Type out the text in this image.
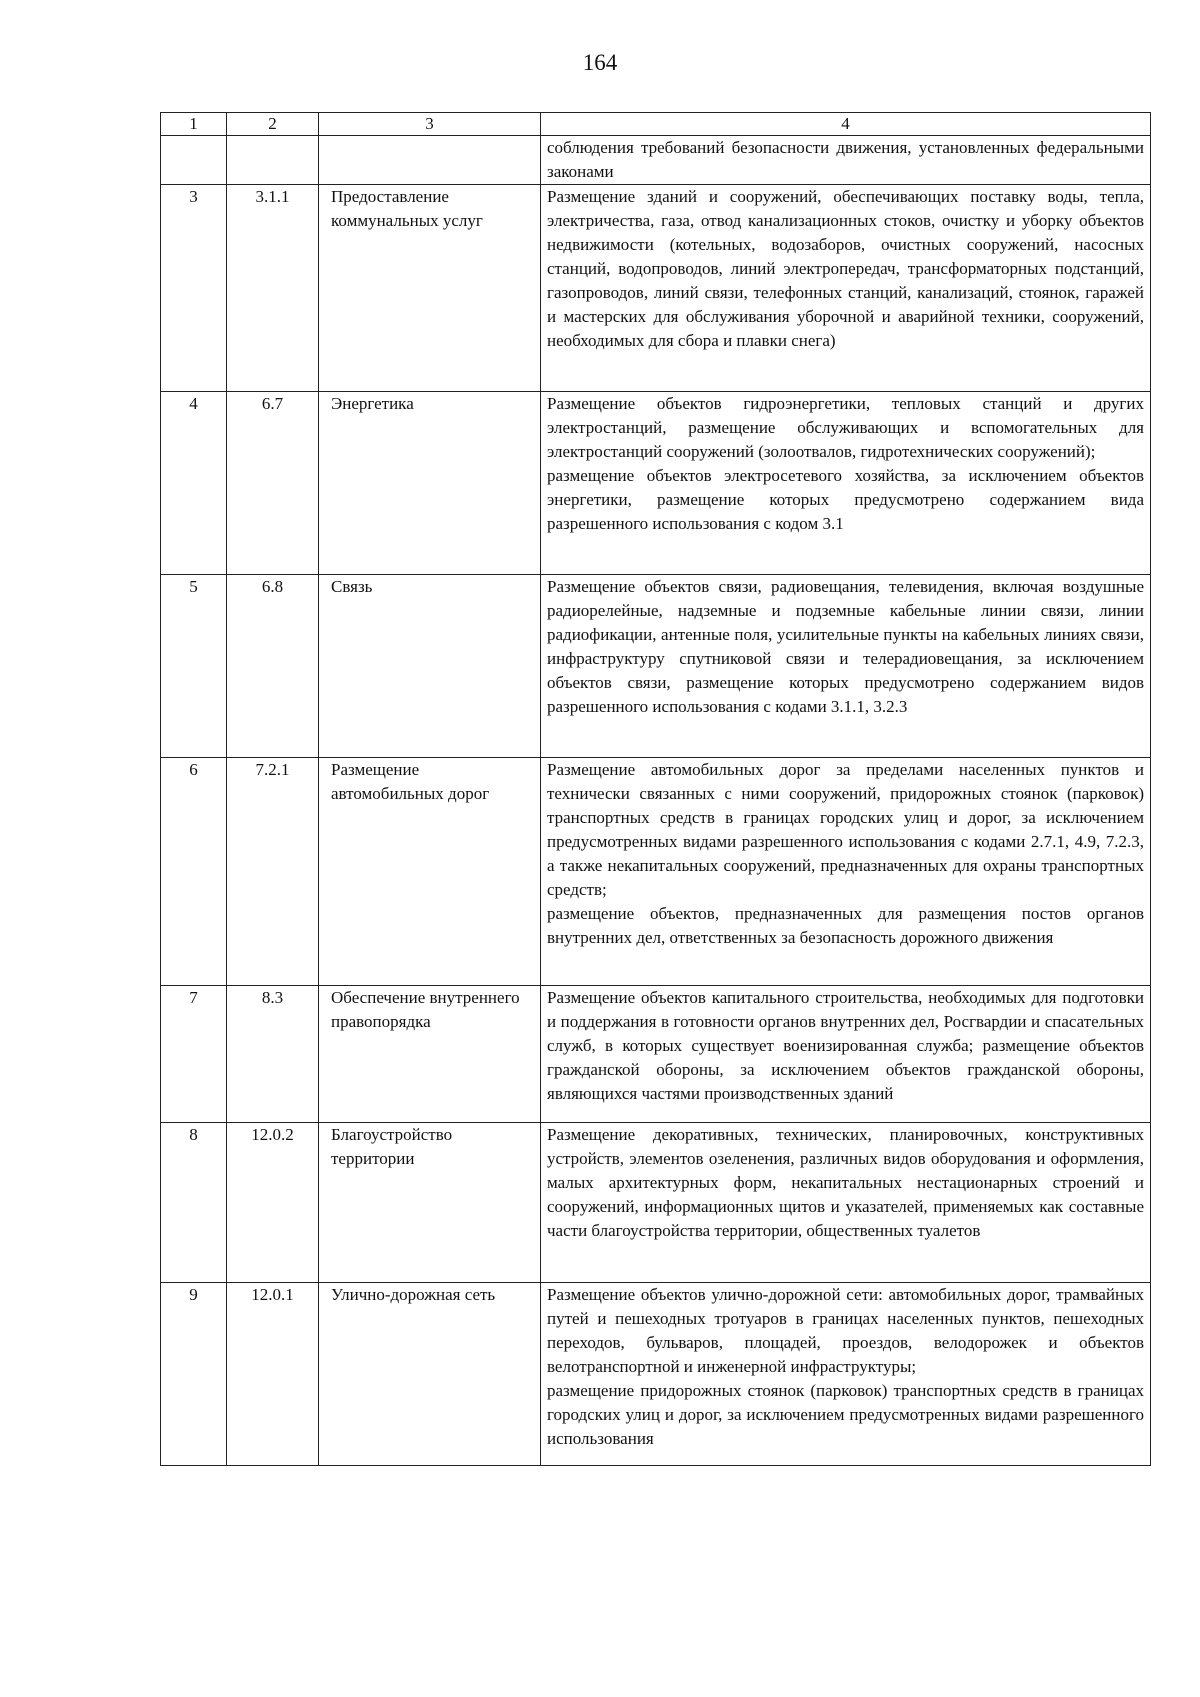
164
1	2	3	4

			соблюдения требований безопасности движения, установленных федеральными законами

3	3.1.1	Предоставление коммунальных услуг	Размещение зданий и сооружений, обеспечивающих поставку воды, тепла, электричества, газа, отвод канализационных стоков, очистку и уборку объектов недвижимости (котельных, водозаборов, очистных сооружений, насосных станций, водопроводов, линий электропередач, трансформаторных подстанций, газопроводов, линий связи, телефонных станций, канализаций, стоянок, гаражей и мастерских для обслуживания уборочной и аварийной техники, сооружений, необходимых для сбора и плавки снега)

4	6.7	Энергетика	Размещение объектов гидроэнергетики, тепловых станций и других электростанций, размещение обслуживающих и вспомогательных для электростанций сооружений (золоотвалов, гидротехнических сооружений);
размещение объектов электросетевого хозяйства, за исключением объектов энергетики, размещение которых предусмотрено содержанием вида разрешенного использования с кодом 3.1

5	6.8	Связь	Размещение объектов связи, радиовещания, телевидения, включая воздушные радиорелейные, надземные и подземные кабельные линии связи, линии радиофикации, антенные поля, усилительные пункты на кабельных линиях связи, инфраструктуру спутниковой связи и телерадиовещания, за исключением объектов связи, размещение которых предусмотрено содержанием видов разрешенного использования с кодами 3.1.1, 3.2.3

6	7.2.1	Размещение автомобильных дорог	Размещение автомобильных дорог за пределами населенных пунктов и технически связанных с ними сооружений, придорожных стоянок (парковок) транспортных средств в границах городских улиц и дорог, за исключением предусмотренных видами разрешенного использования с кодами 2.7.1, 4.9, 7.2.3, а также некапитальных сооружений, предназначенных для охраны транспортных средств;
размещение объектов, предназначенных для размещения постов органов внутренних дел, ответственных за безопасность дорожного движения

7	8.3	Обеспечение внутреннего правопорядка	Размещение объектов капитального строительства, необходимых для подготовки и поддержания в готовности органов внутренних дел, Росгвардии и спасательных служб, в которых существует военизированная служба; размещение объектов гражданской обороны, за исключением объектов гражданской обороны, являющихся частями производственных зданий

8	12.0.2	Благоустройство территории	Размещение декоративных, технических, планировочных, конструктивных устройств, элементов озеленения, различных видов оборудования и оформления, малых архитектурных форм, некапитальных нестационарных строений и сооружений, информационных щитов и указателей, применяемых как составные части благоустройства территории, общественных туалетов

9	12.0.1	Улично-дорожная сеть	Размещение объектов улично-дорожной сети: автомобильных дорог, трамвайных путей и пешеходных тротуаров в границах населенных пунктов, пешеходных переходов, бульваров, площадей, проездов, велодорожек и объектов велотранспортной и инженерной инфраструктуры;
размещение придорожных стоянок (парковок) транспортных средств в границах городских улиц и дорог, за исключением предусмотренных видами разрешенного использования
